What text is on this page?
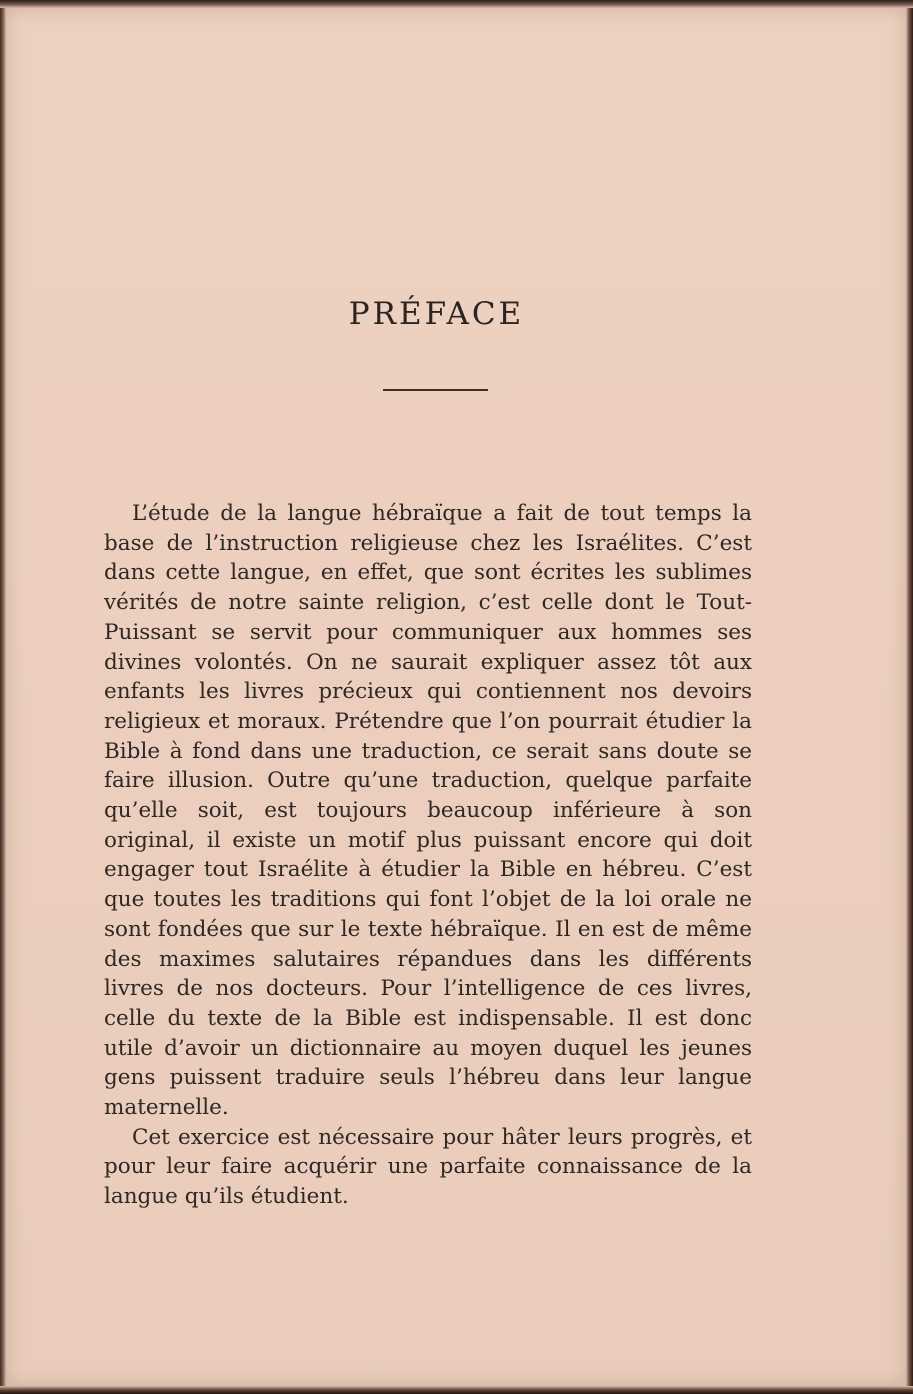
PRÉFACE

L’étude de la langue hébraïque a fait de tout temps la base de l’instruction religieuse chez les Israélites. C’est dans cette langue, en effet, que sont écrites les sublimes vérités de notre sainte religion, c’est celle dont le Tout-Puissant se servit pour communiquer aux hommes ses divines volontés. On ne saurait expliquer assez tôt aux enfants les livres précieux qui contiennent nos devoirs religieux et moraux. Prétendre que l’on pourrait étudier la Bible à fond dans une traduction, ce serait sans doute se faire illusion. Outre qu’une traduction, quelque parfaite qu’elle soit, est toujours beaucoup inférieure à son original, il existe un motif plus puissant encore qui doit engager tout Israélite à étudier la Bible en hébreu. C’est que toutes les traditions qui font l’objet de la loi orale ne sont fondées que sur le texte hébraïque. Il en est de même des maximes salutaires répandues dans les différents livres de nos docteurs. Pour l’intelligence de ces livres, celle du texte de la Bible est indispensable. Il est donc utile d’avoir un dictionnaire au moyen duquel les jeunes gens puissent traduire seuls l’hébreu dans leur langue maternelle.

Cet exercice est nécessaire pour hâter leurs progrès, et pour leur faire acquérir une parfaite connaissance de la langue qu’ils étudient.
